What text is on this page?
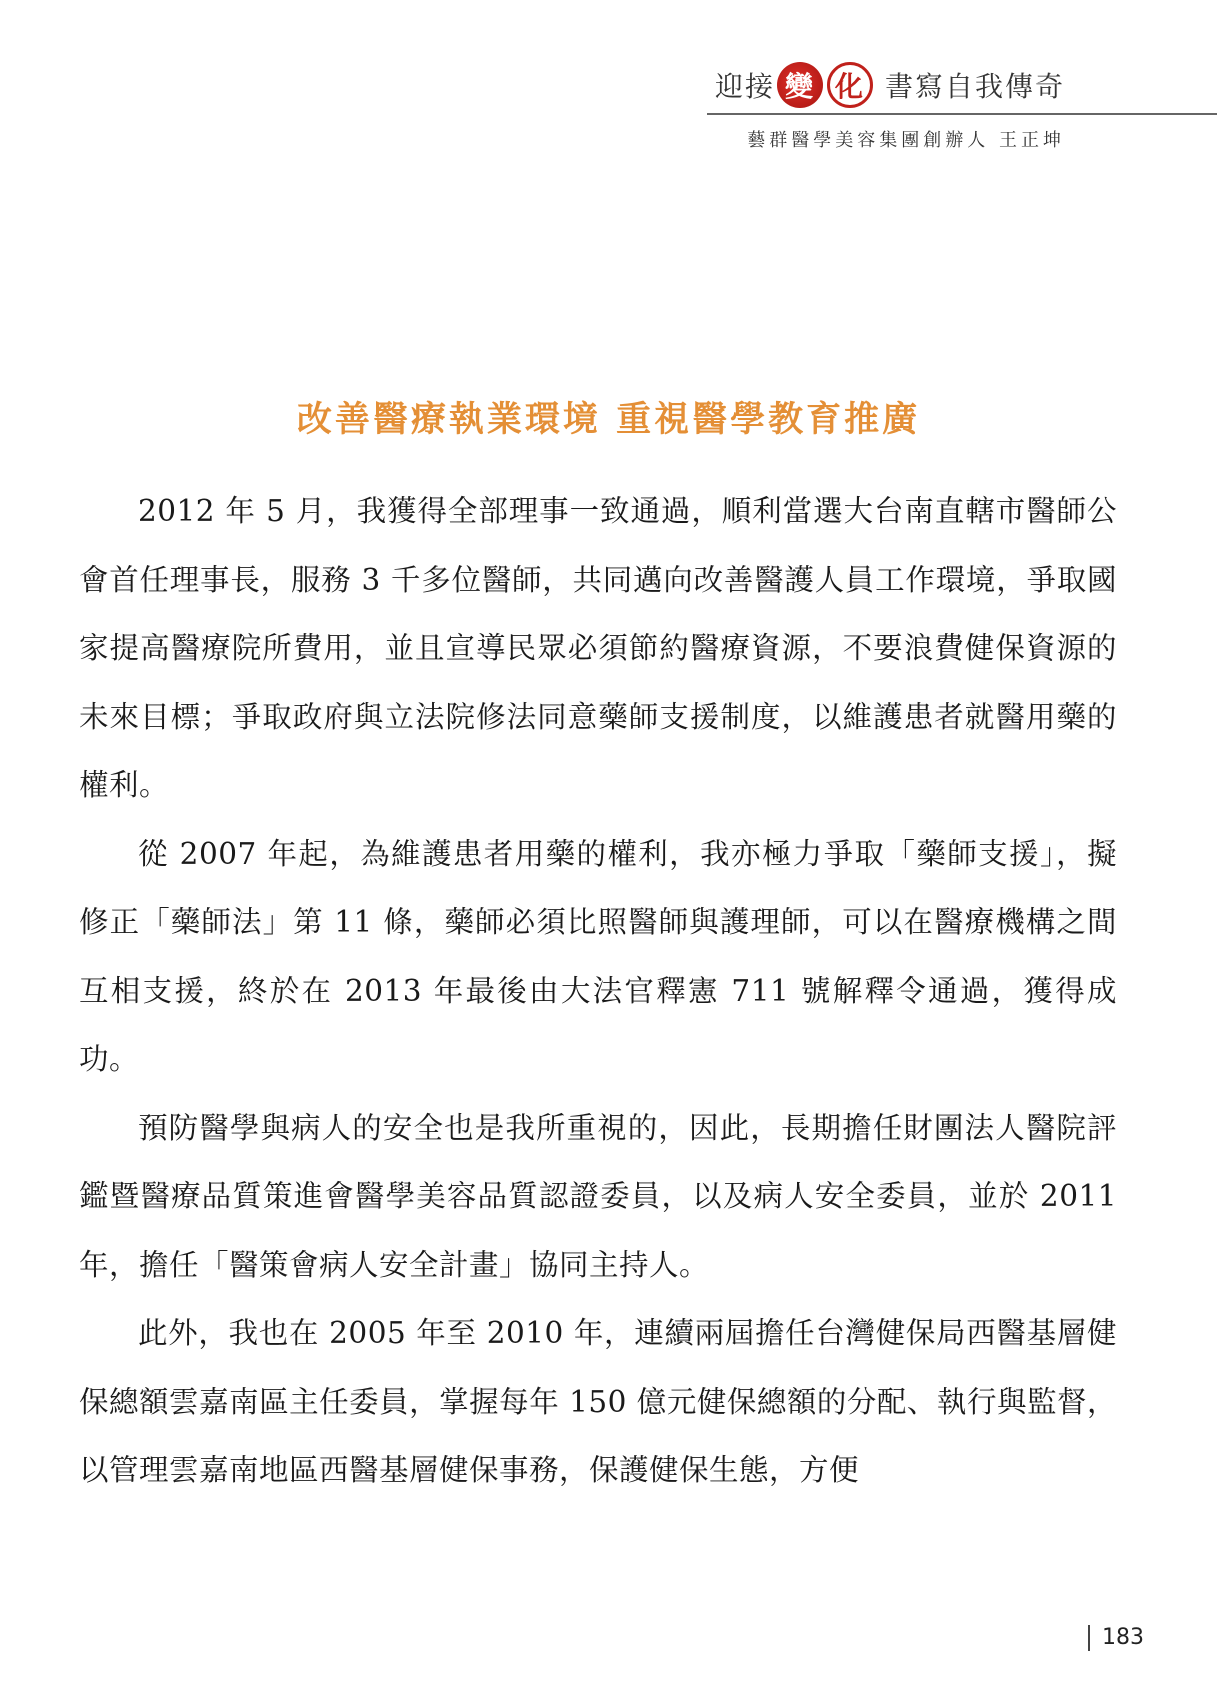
迎接 變 化 書寫自我傳奇
藝群醫學美容集團創辦人 王正坤
改善醫療執業環境 重視醫學教育推廣

2012 年 5 月，我獲得全部理事一致通過，順利當選大台南直轄市醫師公會首任理事長，服務 3 千多位醫師，共同邁向改善醫護人員工作環境，爭取國家提高醫療院所費用，並且宣導民眾必須節約醫療資源，不要浪費健保資源的未來目標；爭取政府與立法院修法同意藥師支援制度，以維護患者就醫用藥的權利。

從 2007 年起，為維護患者用藥的權利，我亦極力爭取「藥師支援」，擬修正「藥師法」第 11 條，藥師必須比照醫師與護理師，可以在醫療機構之間互相支援，終於在 2013 年最後由大法官釋憲 711 號解釋令通過，獲得成功。

預防醫學與病人的安全也是我所重視的，因此，長期擔任財團法人醫院評鑑暨醫療品質策進會醫學美容品質認證委員，以及病人安全委員，並於 2011 年，擔任「醫策會病人安全計畫」協同主持人。

此外，我也在 2005 年至 2010 年，連續兩屆擔任台灣健保局西醫基層健保總額雲嘉南區主任委員，掌握每年 150 億元健保總額的分配、執行與監督，以管理雲嘉南地區西醫基層健保事務，保護健保生態，方便

183
